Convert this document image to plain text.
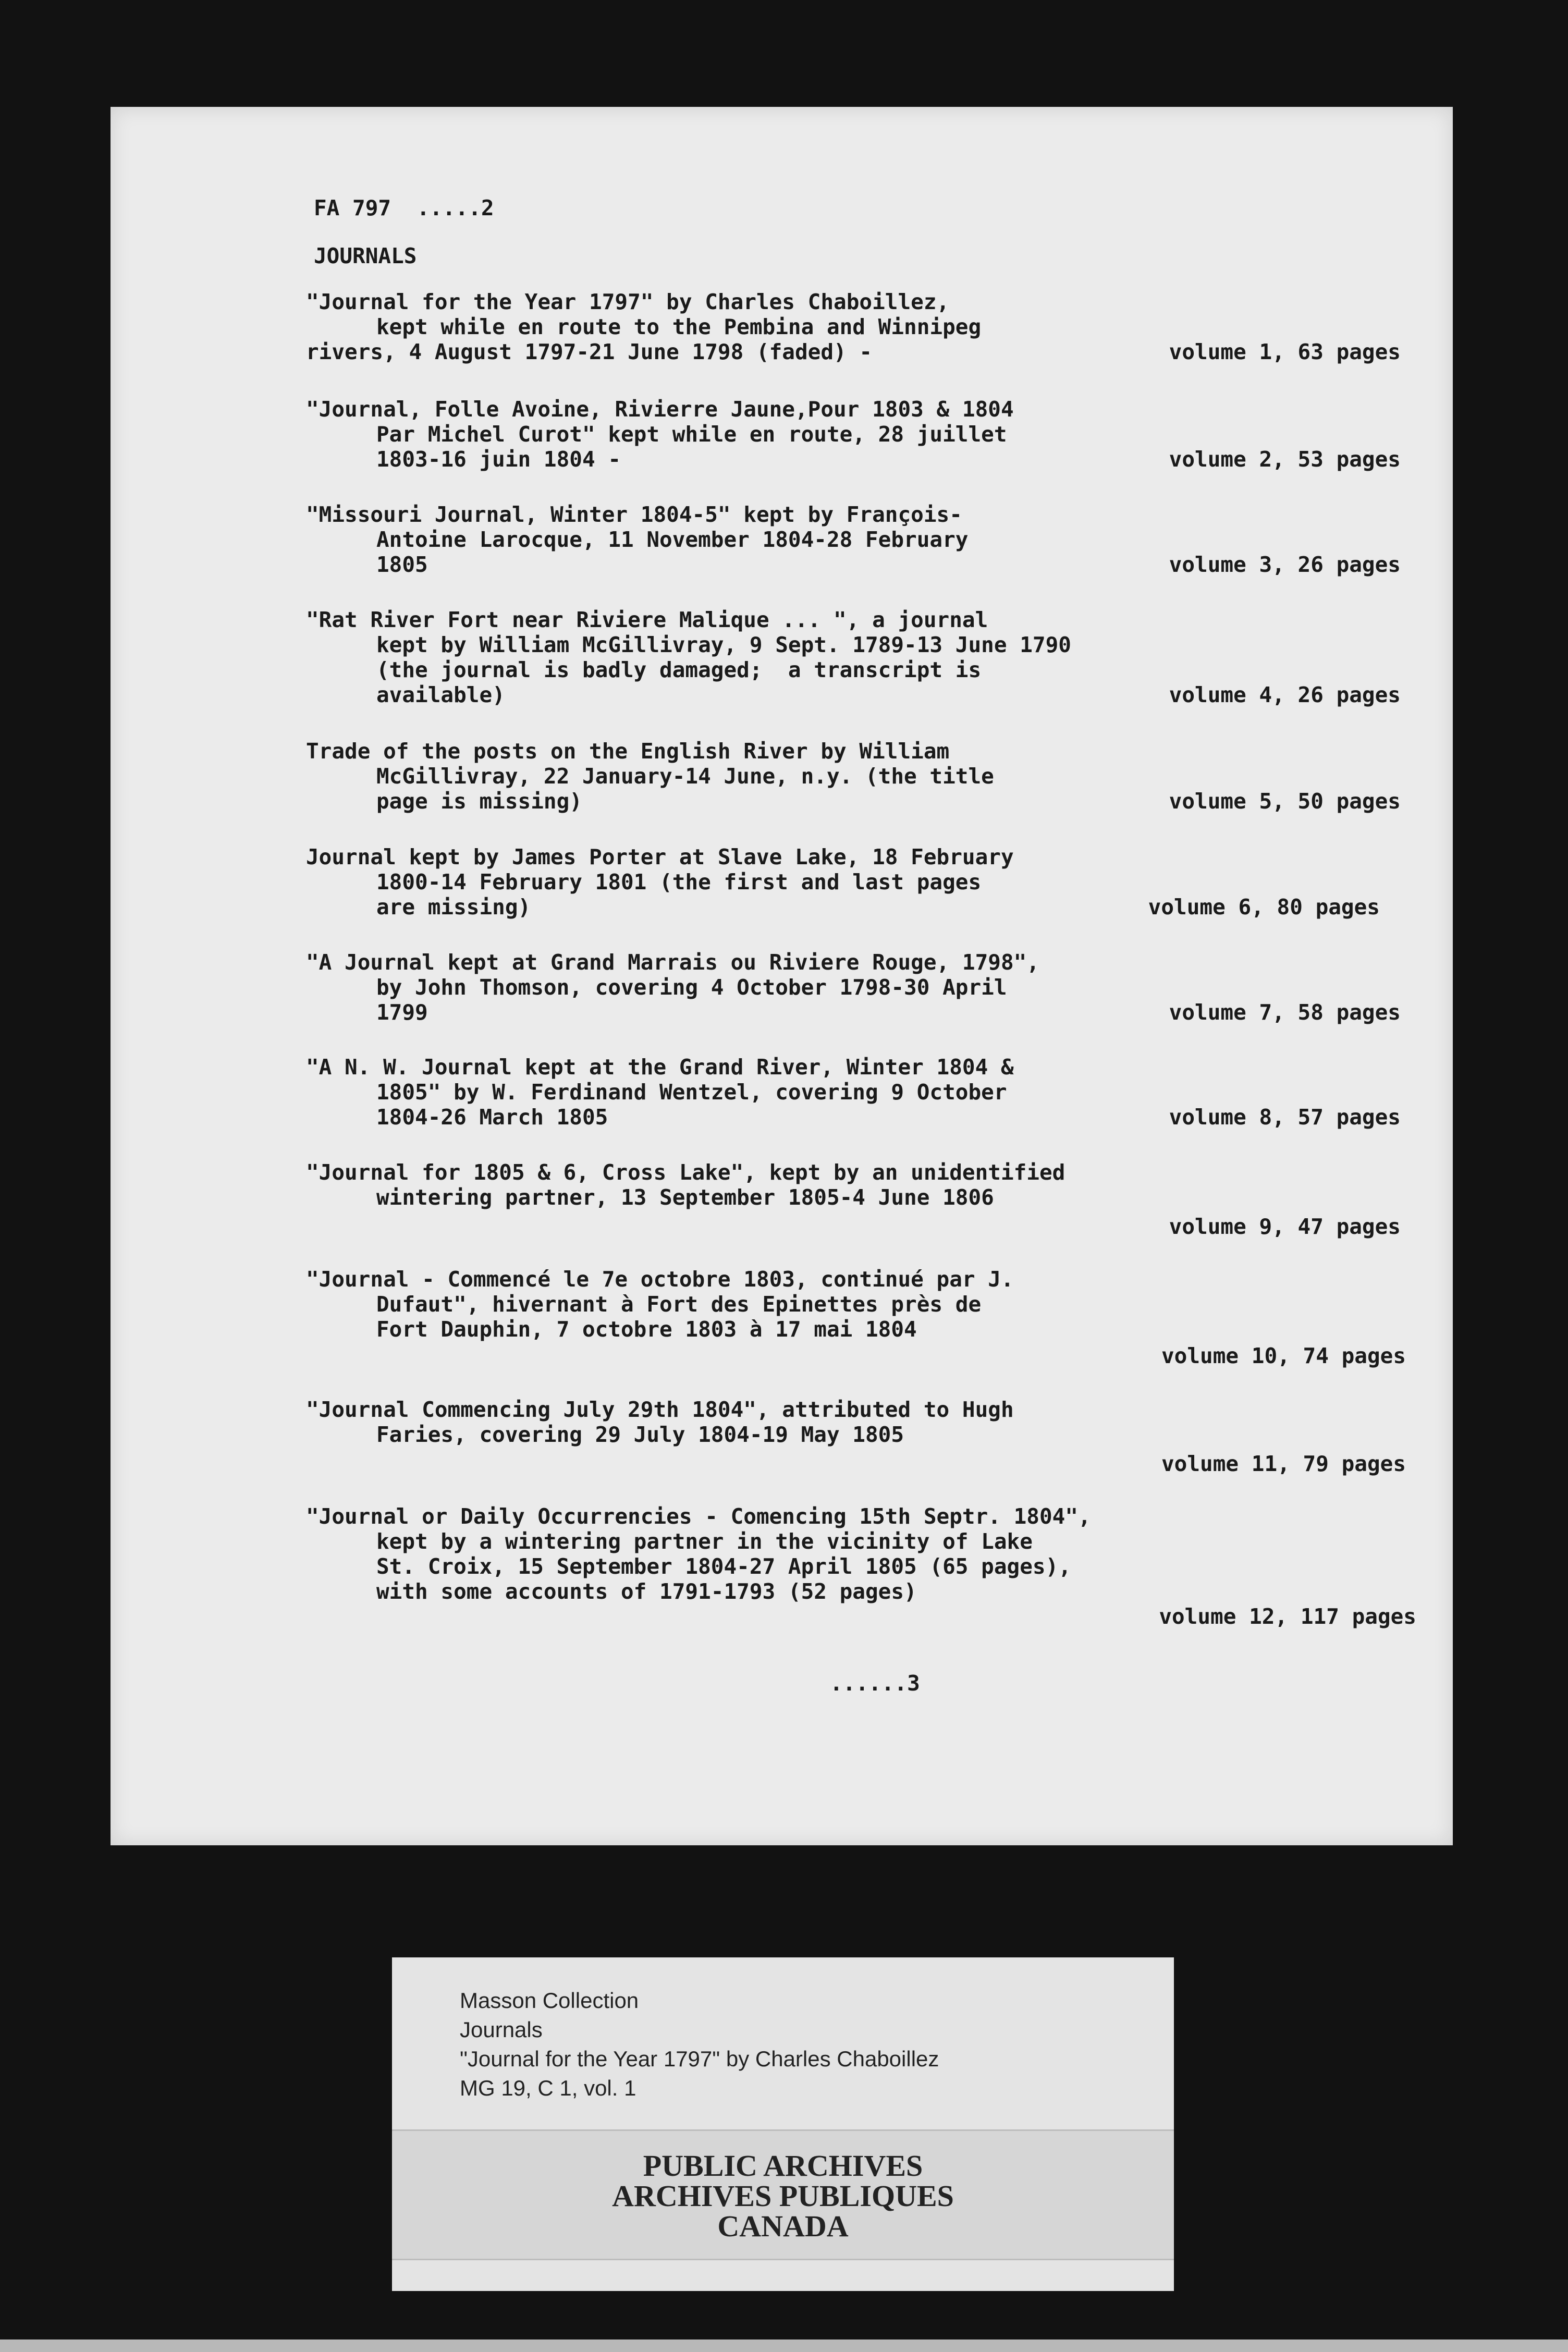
FA 797  .....2

JOURNALS

"Journal for the Year 1797" by Charles Chaboillez,
kept while en route to the Pembina and Winnipeg
rivers, 4 August 1797-21 June 1798 (faded) -	volume 1, 63 pages
"Journal, Folle Avoine, Rivierre Jaune,Pour 1803 & 1804
Par Michel Curot" kept while en route, 28 juillet
1803-16 juin 1804 -	volume 2, 53 pages
"Missouri Journal, Winter 1804-5" kept by François-
Antoine Larocque, 11 November 1804-28 February
1805	volume 3, 26 pages
"Rat River Fort near Riviere Malique ... ", a journal
kept by William McGillivray, 9 Sept. 1789-13 June 1790
(the journal is badly damaged;  a transcript is
available)	volume 4, 26 pages
Trade of the posts on the English River by William
McGillivray, 22 January-14 June, n.y. (the title
page is missing)	volume 5, 50 pages
Journal kept by James Porter at Slave Lake, 18 February
1800-14 February 1801 (the first and last pages
are missing)	volume 6, 80 pages
"A Journal kept at Grand Marrais ou Riviere Rouge, 1798",
by John Thomson, covering 4 October 1798-30 April
1799	volume 7, 58 pages
"A N. W. Journal kept at the Grand River, Winter 1804 &
1805" by W. Ferdinand Wentzel, covering 9 October
1804-26 March 1805	volume 8, 57 pages
"Journal for 1805 & 6, Cross Lake", kept by an unidentified
wintering partner, 13 September 1805-4 June 1806
volume 9, 47 pages
"Journal - Commencé le 7e octobre 1803, continué par J.
Dufaut", hivernant à Fort des Epinettes près de
Fort Dauphin, 7 octobre 1803 à 17 mai 1804
volume 10, 74 pages
"Journal Commencing July 29th 1804", attributed to Hugh
Faries, covering 29 July 1804-19 May 1805
volume 11, 79 pages
"Journal or Daily Occurrencies - Comencing 15th Septr. 1804",
kept by a wintering partner in the vicinity of Lake
St. Croix, 15 September 1804-27 April 1805 (65 pages),
with some accounts of 1791-1793 (52 pages)
volume 12, 117 pages

......3

Masson Collection
Journals
"Journal for the Year 1797" by Charles Chaboillez
MG 19, C 1, vol. 1
PUBLIC ARCHIVES
ARCHIVES PUBLIQUES
CANADA
